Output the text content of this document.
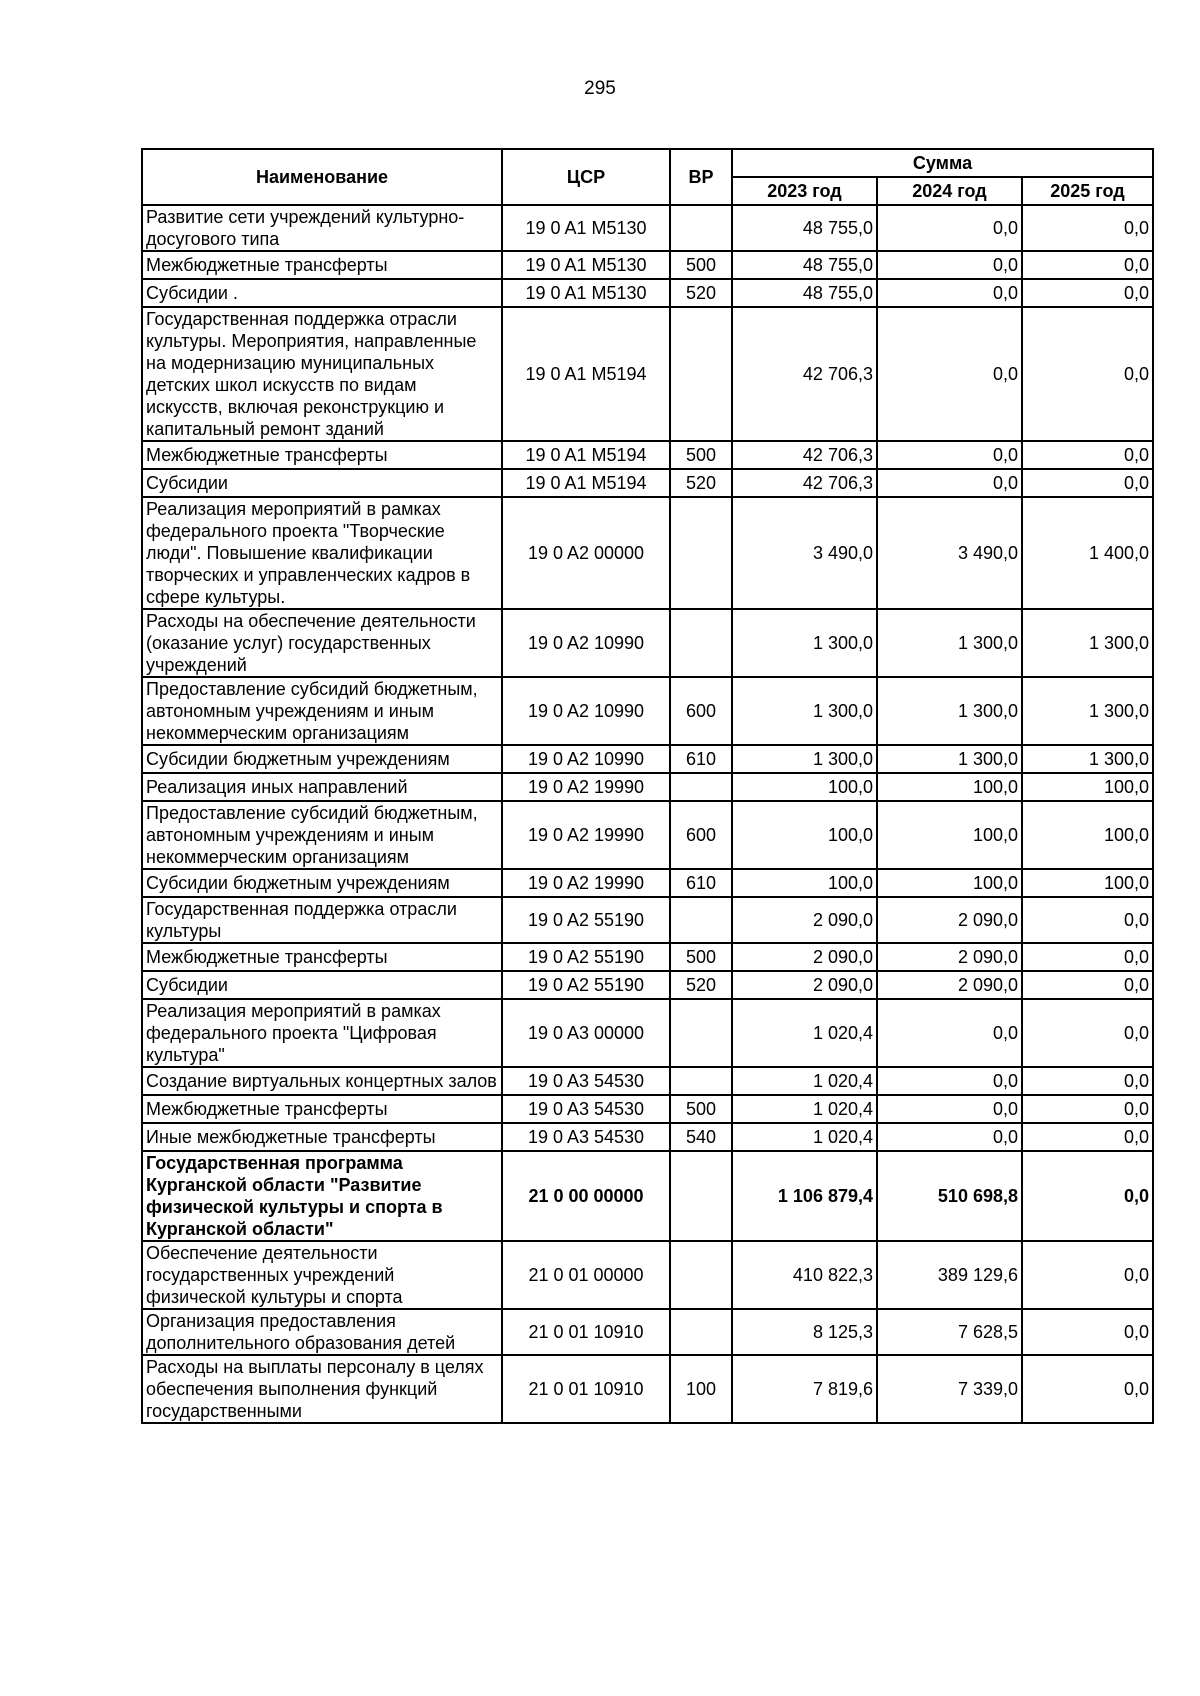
295
Наименование	ЦСР	ВР	Сумма		
			2023 год	2024 год	2025 год
Развитие сети учреждений культурно-досугового типа	19 0 A1 M5130		48 755,0	0,0	0,0
Межбюджетные трансферты	19 0 A1 M5130	500	48 755,0	0,0	0,0
Субсидии .	19 0 A1 M5130	520	48 755,0	0,0	0,0
Государственная поддержка отрасли культуры. Мероприятия, направленные на модернизацию муниципальных детских школ искусств по видам искусств, включая реконструкцию и капитальный ремонт зданий	19 0 A1 M5194		42 706,3	0,0	0,0
Межбюджетные трансферты	19 0 A1 M5194	500	42 706,3	0,0	0,0
Субсидии	19 0 A1 M5194	520	42 706,3	0,0	0,0
Реализация мероприятий в рамках федерального проекта "Творческие люди". Повышение квалификации творческих и управленческих кадров в сфере культуры.	19 0 A2 00000		3 490,0	3 490,0	1 400,0
Расходы на обеспечение деятельности (оказание услуг) государственных учреждений	19 0 A2 10990		1 300,0	1 300,0	1 300,0
Предоставление субсидий бюджетным, автономным учреждениям и иным некоммерческим организациям	19 0 A2 10990	600	1 300,0	1 300,0	1 300,0
Субсидии бюджетным учреждениям	19 0 A2 10990	610	1 300,0	1 300,0	1 300,0
Реализация иных направлений	19 0 A2 19990		100,0	100,0	100,0
Предоставление субсидий бюджетным, автономным учреждениям и иным некоммерческим организациям	19 0 A2 19990	600	100,0	100,0	100,0
Субсидии бюджетным учреждениям	19 0 A2 19990	610	100,0	100,0	100,0
Государственная поддержка отрасли культуры	19 0 A2 55190		2 090,0	2 090,0	0,0
Межбюджетные трансферты	19 0 A2 55190	500	2 090,0	2 090,0	0,0
Субсидии	19 0 A2 55190	520	2 090,0	2 090,0	0,0
Реализация мероприятий в рамках федерального проекта "Цифровая культура"	19 0 A3 00000		1 020,4	0,0	0,0
Создание виртуальных концертных залов	19 0 A3 54530		1 020,4	0,0	0,0
Межбюджетные трансферты	19 0 A3 54530	500	1 020,4	0,0	0,0
Иные межбюджетные трансферты	19 0 A3 54530	540	1 020,4	0,0	0,0
Государственная программа Курганской области "Развитие физической культуры и спорта в Курганской области"	21 0 00 00000		1 106 879,4	510 698,8	0,0
Обеспечение деятельности государственных учреждений физической культуры и спорта	21 0 01 00000		410 822,3	389 129,6	0,0
Организация предоставления дополнительного образования детей	21 0 01 10910		8 125,3	7 628,5	0,0
Расходы на выплаты персоналу в целях обеспечения выполнения функций государственными	21 0 01 10910	100	7 819,6	7 339,0	0,0
